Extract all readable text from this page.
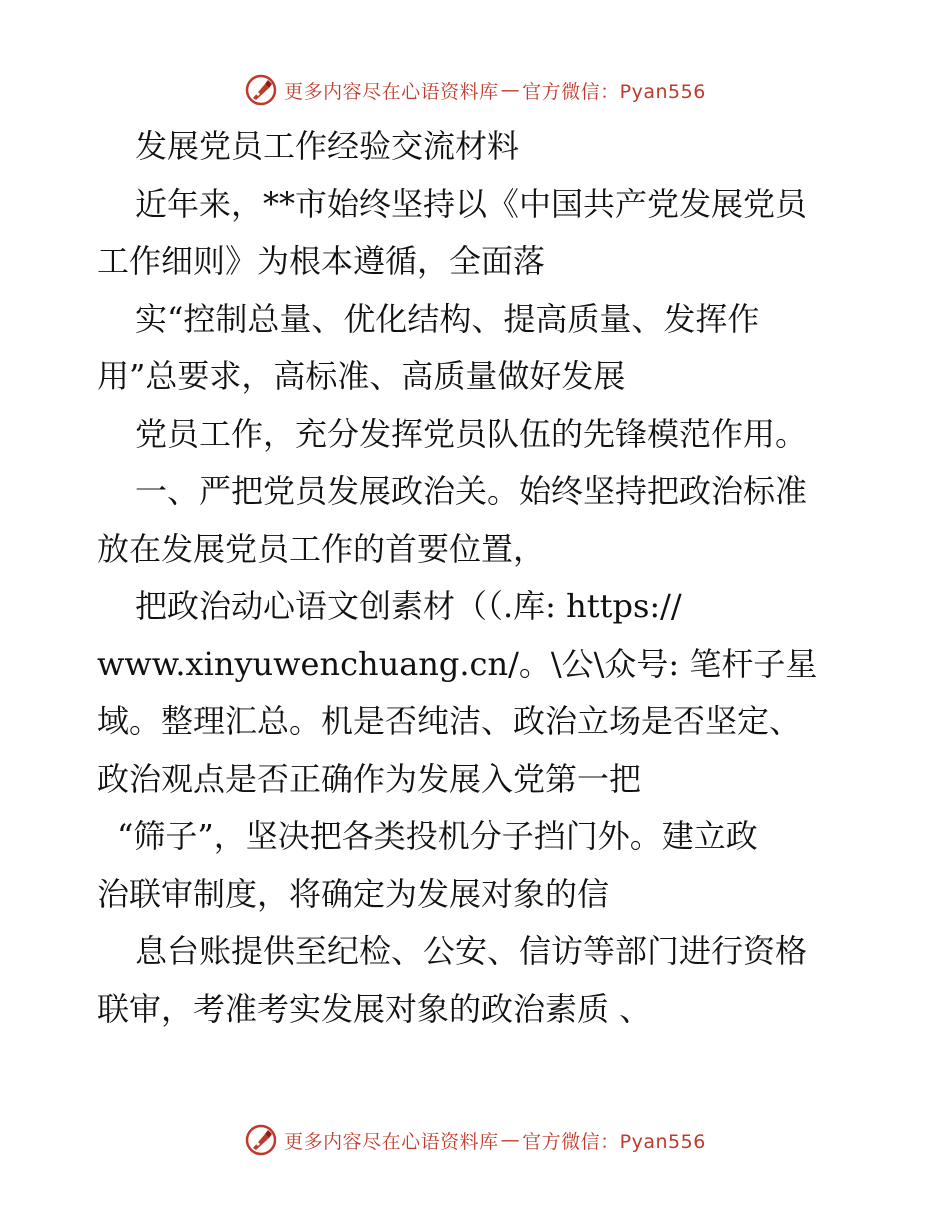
更多内容尽在心语资料库 — 官方微信：Pyan556
发展党员工作经验交流材料
近年来，**市始终坚持以《中国共产党发展党员
工作细则》为根本遵循，全面落
实“控制总量、优化结构、提高质量、发挥作
用”总要求，高标准、高质量做好发展
党员工作，充分发挥党员队伍的先锋模范作用。
一、严把党员发展政治关。始终坚持把政治标准
放在发展党员工作的首要位置，
把政治动心语文创素材（（.库: https://
www.xinyuwenchuang.cn/。\公\众号: 笔杆子星
域。整理汇总。机是否纯洁、政治立场是否坚定、
政治观点是否正确作为发展入党第一把
“筛子”，坚决把各类投机分子挡门外。建立政
治联审制度，将确定为发展对象的信
息台账提供至纪检、公安、信访等部门进行资格
联审，考准考实发展对象的政治素质 、
更多内容尽在心语资料库 — 官方微信：Pyan556
